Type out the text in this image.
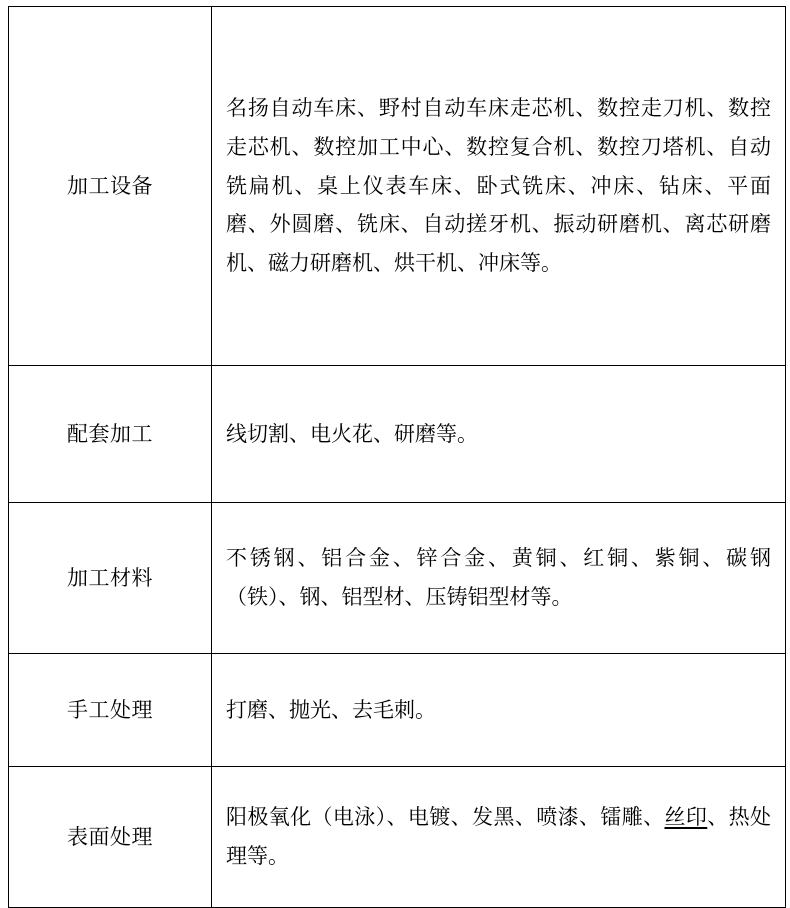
加工设备	名扬自动车床、野村自动车床走芯机、数控走刀机、数控走芯机、数控加工中心、数控复合机、数控刀塔机、自动铣扁机、桌上仪表车床、卧式铣床、冲床、钻床、平面磨、外圆磨、铣床、自动搓牙机、振动研磨机、离芯研磨机、磁力研磨机、烘干机、冲床等。

配套加工	线切割、电火花、研磨等。

加工材料	不锈钢、铝合金、锌合金、黄铜、红铜、紫铜、碳钢（铁）、钢、铝型材、压铸铝型材等。

手工处理	打磨、抛光、去毛刺。

表面处理	阳极氧化（电泳）、电镀、发黑、喷漆、镭雕、丝印、热处理等。
